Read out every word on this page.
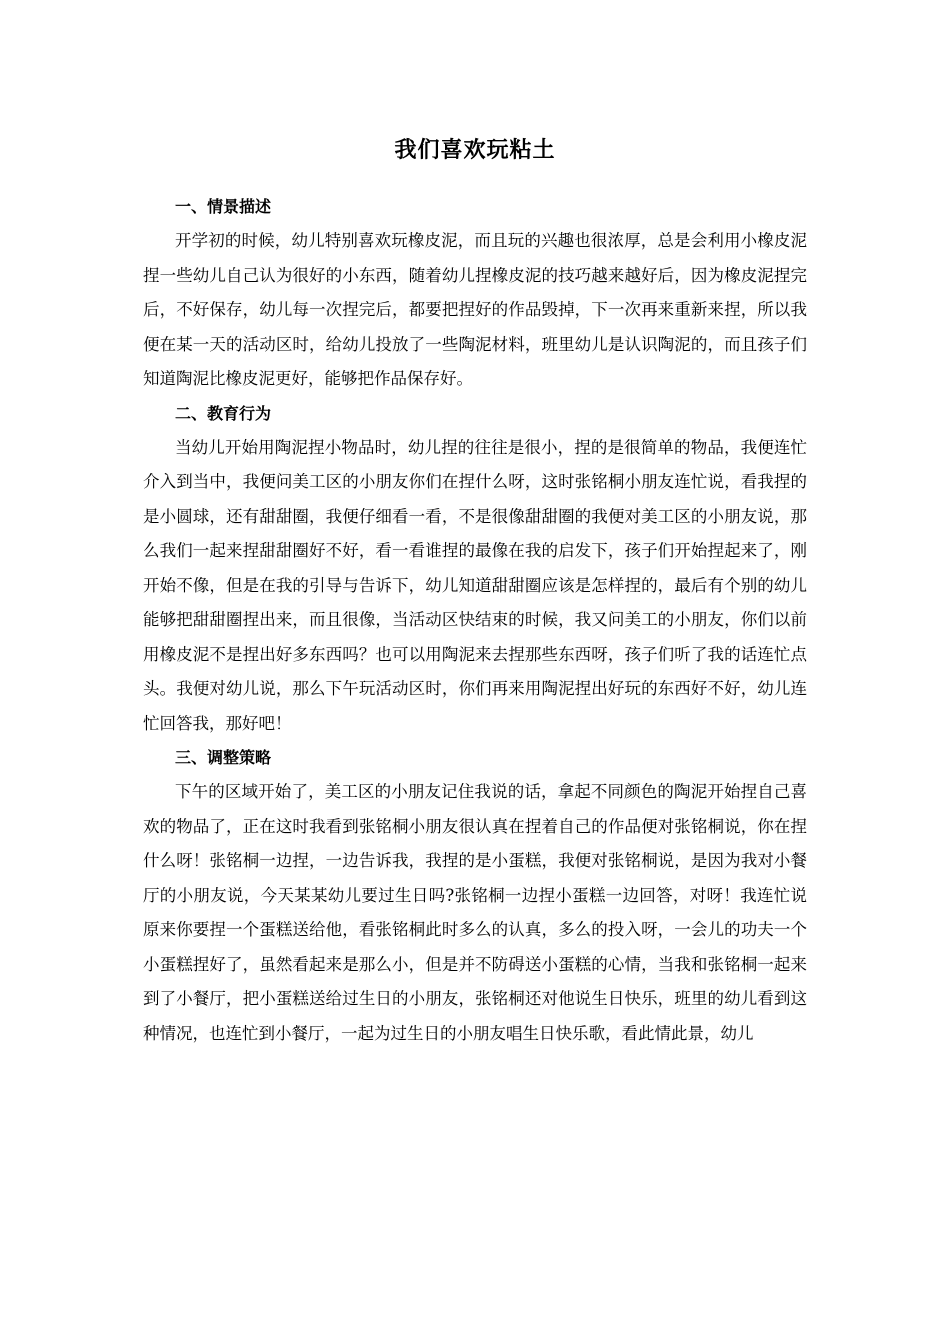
我们喜欢玩粘土
一、情景描述
开学初的时候，幼儿特别喜欢玩橡皮泥，而且玩的兴趣也很浓厚，总是会利用小橡皮泥捏一些幼儿自己认为很好的小东西，随着幼儿捏橡皮泥的技巧越来越好后，因为橡皮泥捏完后，不好保存，幼儿每一次捏完后，都要把捏好的作品毁掉，下一次再来重新来捏，所以我便在某一天的活动区时，给幼儿投放了一些陶泥材料，班里幼儿是认识陶泥的，而且孩子们知道陶泥比橡皮泥更好，能够把作品保存好。
二、教育行为
当幼儿开始用陶泥捏小物品时，幼儿捏的往往是很小，捏的是很简单的物品，我便连忙介入到当中，我便问美工区的小朋友你们在捏什么呀，这时张铭桐小朋友连忙说，看我捏的是小圆球，还有甜甜圈，我便仔细看一看，不是很像甜甜圈的我便对美工区的小朋友说，那么我们一起来捏甜甜圈好不好，看一看谁捏的最像在我的启发下，孩子们开始捏起来了，刚开始不像，但是在我的引导与告诉下，幼儿知道甜甜圈应该是怎样捏的，最后有个别的幼儿能够把甜甜圈捏出来，而且很像，当活动区快结束的时候，我又问美工的小朋友，你们以前用橡皮泥不是捏出好多东西吗？也可以用陶泥来去捏那些东西呀，孩子们听了我的话连忙点头。我便对幼儿说，那么下午玩活动区时，你们再来用陶泥捏出好玩的东西好不好，幼儿连忙回答我，那好吧！
三、调整策略
下午的区域开始了，美工区的小朋友记住我说的话，拿起不同颜色的陶泥开始捏自己喜欢的物品了，正在这时我看到张铭桐小朋友很认真在捏着自己的作品便对张铭桐说，你在捏什么呀！张铭桐一边捏，一边告诉我，我捏的是小蛋糕，我便对张铭桐说，是因为我对小餐厅的小朋友说，今天某某幼儿要过生日吗?张铭桐一边捏小蛋糕一边回答，对呀！我连忙说原来你要捏一个蛋糕送给他，看张铭桐此时多么的认真，多么的投入呀，一会儿的功夫一个小蛋糕捏好了，虽然看起来是那么小，但是并不防碍送小蛋糕的心情，当我和张铭桐一起来到了小餐厅，把小蛋糕送给过生日的小朋友，张铭桐还对他说生日快乐，班里的幼儿看到这种情况，也连忙到小餐厅，一起为过生日的小朋友唱生日快乐歌，看此情此景，幼儿
